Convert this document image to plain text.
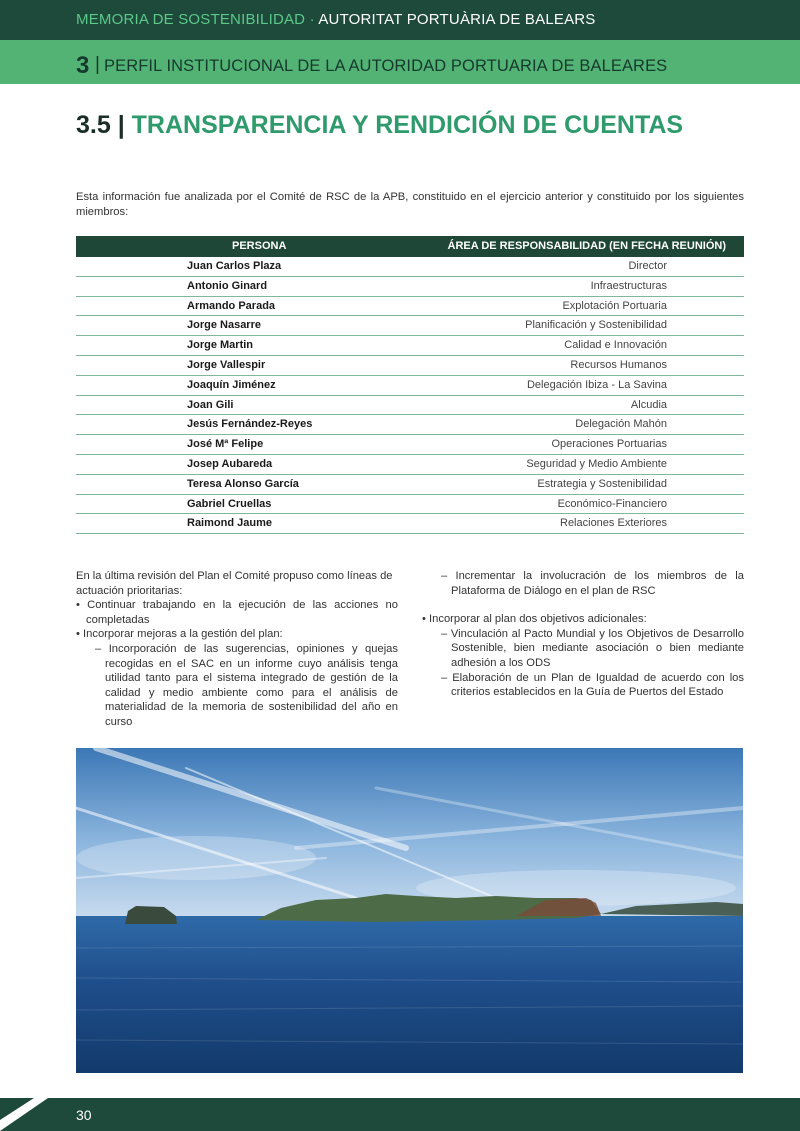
MEMORIA DE SOSTENIBILIDAD · AUTORITAT PORTUÀRIA DE BALEARS
3 | PERFIL INSTITUCIONAL DE LA AUTORIDAD PORTUARIA DE BALEARES
3.5 | TRANSPARENCIA Y RENDICIÓN DE CUENTAS

Esta información fue analizada por el Comité de RSC de la APB, constituido en el ejercicio anterior y constituido por los siguientes miembros:

PERSONA	ÁREA DE RESPONSABILIDAD (EN FECHA REUNIÓN)
Juan Carlos Plaza	Director
Antonio Ginard	Infraestructuras
Armando Parada	Explotación Portuaria
Jorge Nasarre	Planificación y Sostenibilidad
Jorge Martin	Calidad e Innovación
Jorge Vallespir	Recursos Humanos
Joaquín Jiménez	Delegación Ibiza - La Savina
Joan Gili	Alcudia
Jesús Fernández-Reyes	Delegación Mahón
José Mª Felipe	Operaciones Portuarias
Josep Aubareda	Seguridad y Medio Ambiente
Teresa Alonso García	Estrategia y Sostenibilidad
Gabriel Cruellas	Económico-Financiero
Raimond Jaume	Relaciones Exteriores
En la última revisión del Plan el Comité propuso como líneas de actuación prioritarias:
• Continuar trabajando en la ejecución de las acciones no completadas
• Incorporar mejoras a la gestión del plan:
– Incorporación de las sugerencias, opiniones y quejas recogidas en el SAC en un informe cuyo análisis tenga utilidad tanto para el sistema integrado de gestión de la calidad y medio ambiente como para el análisis de materialidad de la memoria de sostenibilidad del año en curso
– Incrementar la involucración de los miembros de la Plataforma de Diálogo en el plan de RSC
• Incorporar al plan dos objetivos adicionales:
– Vinculación al Pacto Mundial y los Objetivos de Desarrollo Sostenible, bien mediante asociación o bien mediante adhesión a los ODS
– Elaboración de un Plan de Igualdad de acuerdo con los criterios establecidos en la Guía de Puertos del Estado
30
